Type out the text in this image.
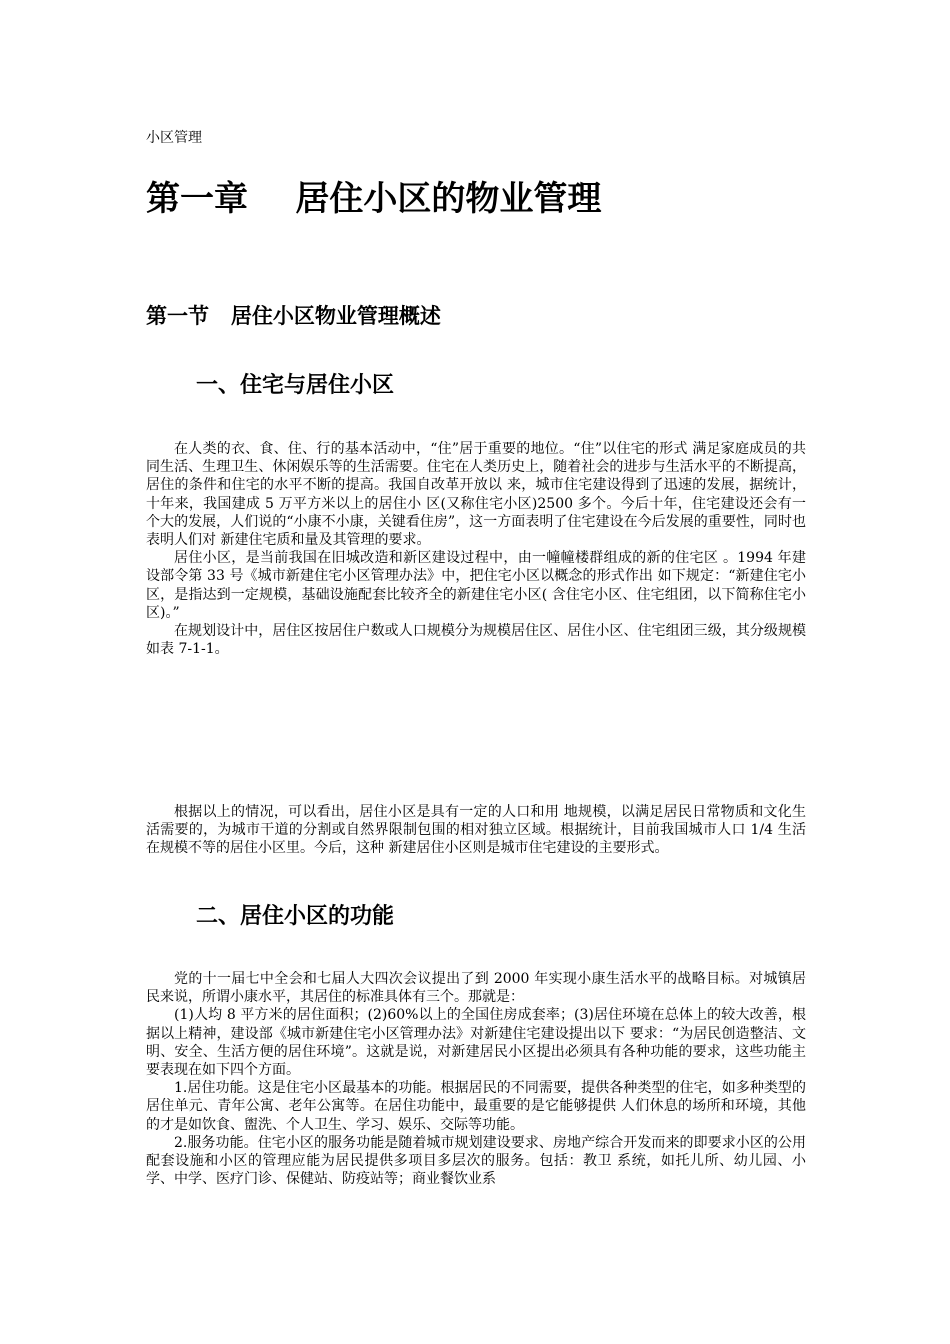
小区管理
第一章    居住小区的物业管理
第一节   居住小区物业管理概述
一、住宅与居住小区

在人类的衣、食、住、行的基本活动中，“住”居于重要的地位。“住”以住宅的形式 满足家庭成员的共同生活、生理卫生、休闲娱乐等的生活需要。住宅在人类历史上，随着社会的进步与生活水平的不断提高，居住的条件和住宅的水平不断的提高。我国自改革开放以 来，城市住宅建设得到了迅速的发展，据统计，十年来，我国建成 5 万平方米以上的居住小 区(又称住宅小区)2500 多个。今后十年，住宅建设还会有一个大的发展，人们说的“小康不小康，关键看住房”，这一方面表明了住宅建设在今后发展的重要性，同时也表明人们对 新建住宅质和量及其管理的要求。

居住小区，是当前我国在旧城改造和新区建设过程中，由一幢幢楼群组成的新的住宅区 。1994 年建设部令第 33 号《城市新建住宅小区管理办法》中，把住宅小区以概念的形式作出 如下规定：“新建住宅小区，是指达到一定规模，基础设施配套比较齐全的新建住宅小区( 含住宅小区、住宅组团，以下简称住宅小区)。”

在规划设计中，居住区按居住户数或人口规模分为规模居住区、居住小区、住宅组团三级，其分级规模如表 7-1-1。

根据以上的情况，可以看出，居住小区是具有一定的人口和用 地规模，以满足居民日常物质和文化生活需要的，为城市干道的分割或自然界限制包围的相对独立区域。根据统计，目前我国城市人口 1/4 生活在规模不等的居住小区里。今后，这种 新建居住小区则是城市住宅建设的主要形式。

二、居住小区的功能

党的十一届七中全会和七届人大四次会议提出了到 2000 年实现小康生活水平的战略目标。对城镇居民来说，所谓小康水平，其居住的标准具体有三个。那就是：

(1)人均 8 平方米的居住面积；(2)60%以上的全国住房成套率；(3)居住环境在总体上的较大改善，根据以上精神，建设部《城市新建住宅小区管理办法》对新建住宅建设提出以下 要求：“为居民创造整洁、文明、安全、生活方便的居住环境”。这就是说，对新建居民小区提出必须具有各种功能的要求，这些功能主要表现在如下四个方面。

1.居住功能。这是住宅小区最基本的功能。根据居民的不同需要，提供各种类型的住宅，如多种类型的居住单元、青年公寓、老年公寓等。在居住功能中，最重要的是它能够提供 人们休息的场所和环境，其他的才是如饮食、盥洗、个人卫生、学习、娱乐、交际等功能。

2.服务功能。住宅小区的服务功能是随着城市规划建设要求、房地产综合开发而来的即要求小区的公用配套设施和小区的管理应能为居民提供多项目多层次的服务。包括：教卫 系统，如托儿所、幼儿园、小学、中学、医疗门诊、保健站、防疫站等；商业餐饮业系
